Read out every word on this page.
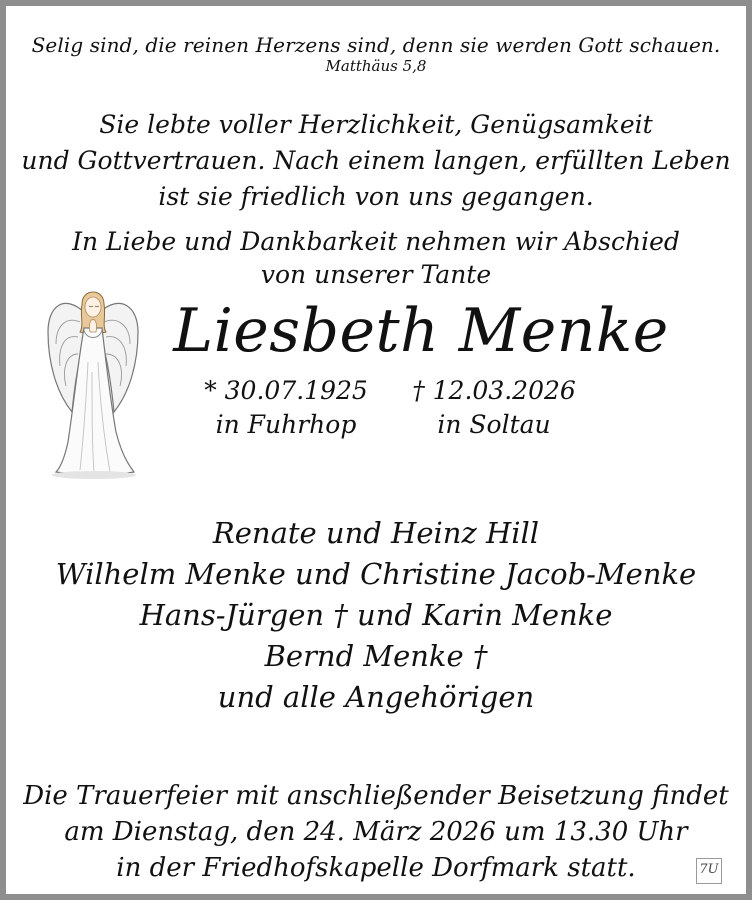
Selig sind, die reinen Herzens sind, denn sie werden Gott schauen.
Matthäus 5,8
Sie lebte voller Herzlichkeit, Genügsamkeit
und Gottvertrauen. Nach einem langen, erfüllten Leben
ist sie friedlich von uns gegangen.
In Liebe und Dankbarkeit nehmen wir Abschied
von unserer Tante
Liesbeth Menke
* 30.07.1925
in Fuhrhop
† 12.03.2026
in Soltau
Renate und Heinz Hill
Wilhelm Menke und Christine Jacob-Menke
Hans-Jürgen † und Karin Menke
Bernd Menke †
und alle Angehörigen
Die Trauerfeier mit anschließender Beisetzung findet
am Dienstag, den 24. März 2026 um 13.30 Uhr
in der Friedhofskapelle Dorfmark statt.	7U
